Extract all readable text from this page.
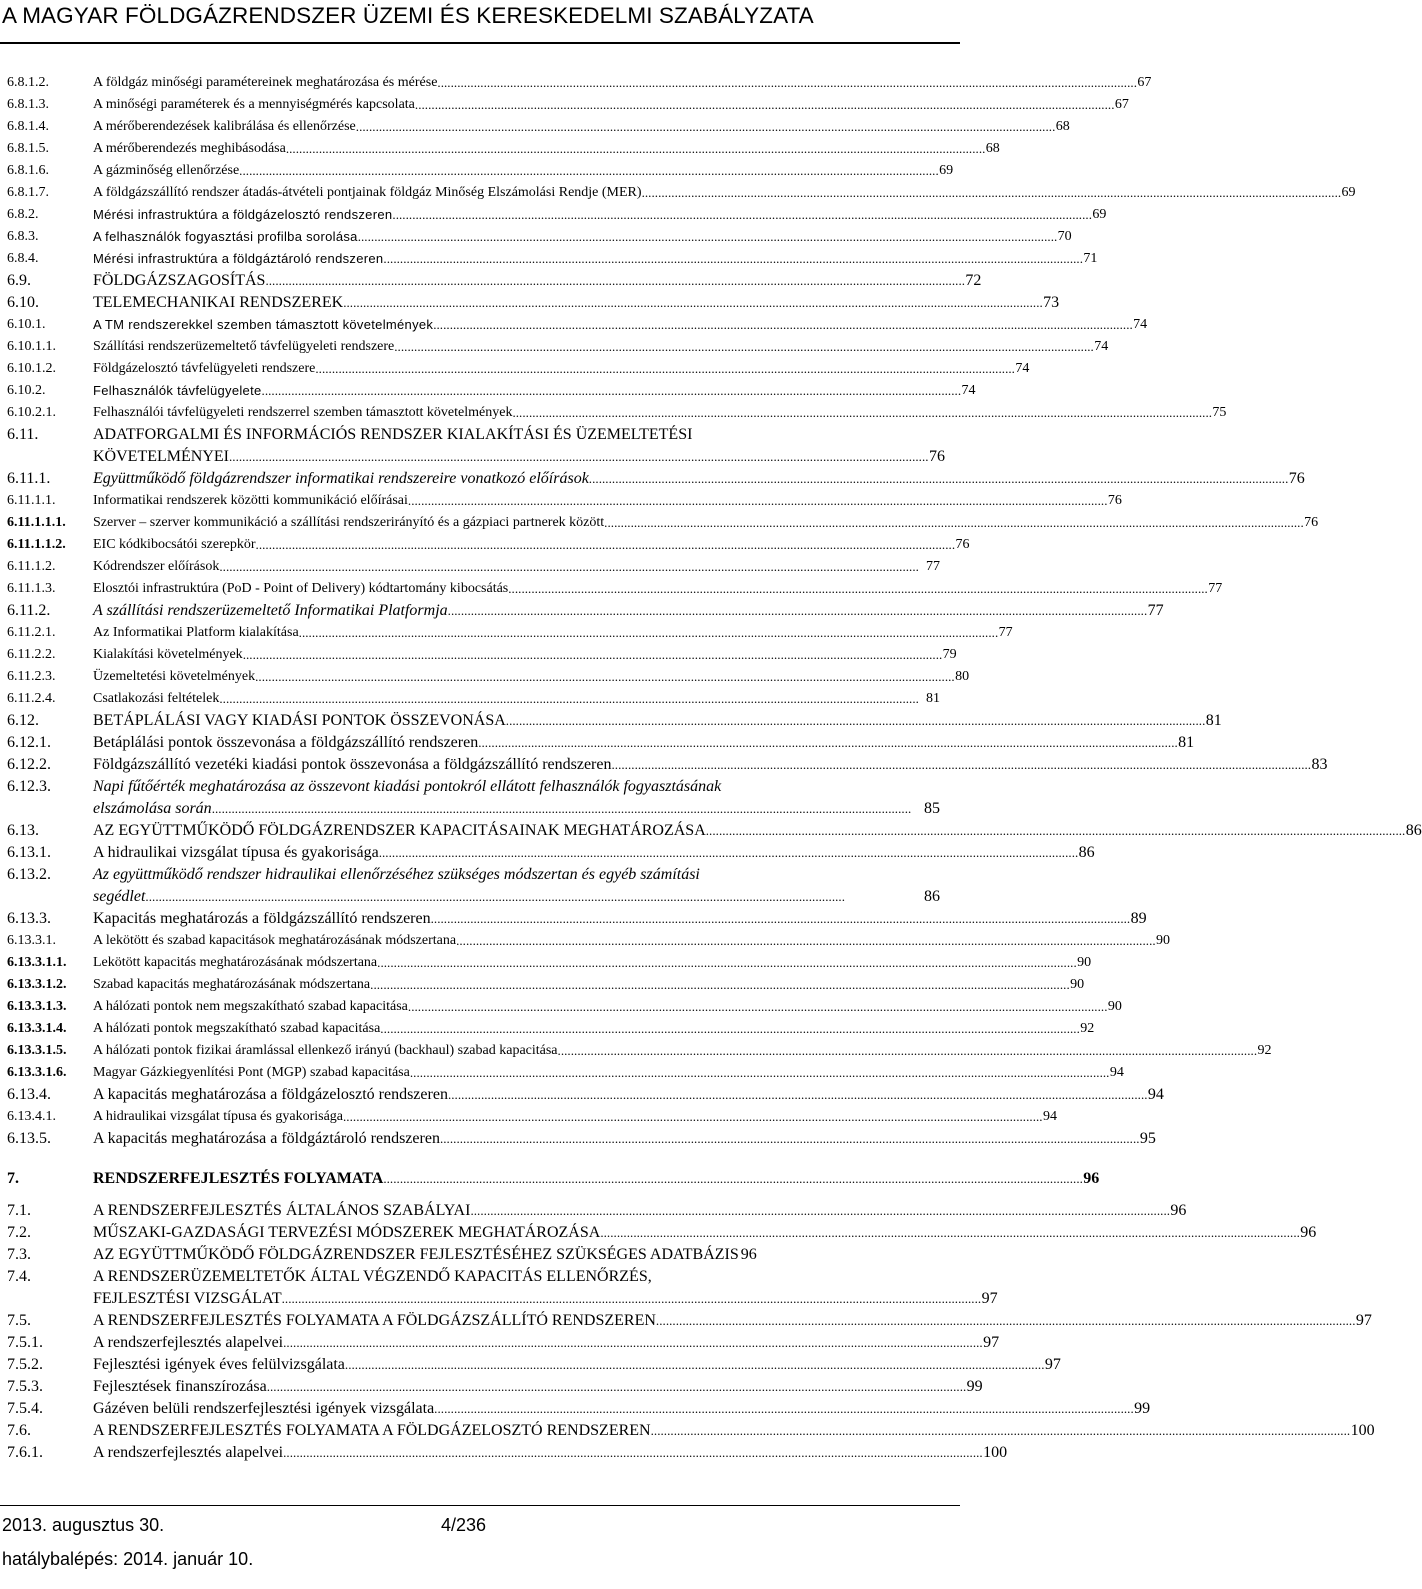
A MAGYAR FÖLDGÁZRENDSZER ÜZEMI ÉS KERESKEDELMI SZABÁLYZATA
6.8.1.2.	A földgáz minőségi paramétereinek meghatározása és mérése . . .	67
6.8.1.3.	A minőségi paraméterek és a mennyiségmérés kapcsolata . . .	67
6.8.1.4.	A mérőberendezések kalibrálása és ellenőrzése . . .	68
6.8.1.5.	A mérőberendezés meghibásodása . . .	68
6.8.1.6.	A gázminőség ellenőrzése . . .	69
6.8.1.7.	A földgázszállító rendszer átadás-átvételi pontjainak földgáz Minőség Elszámolási Rendje (MER) . . .	69
6.8.2.	Mérési infrastruktúra a földgázelosztó rendszeren . . .	69
6.8.3.	A felhasználók fogyasztási profilba sorolása . . .	70
6.8.4.	Mérési infrastruktúra a földgáztároló rendszeren . . .	71
6.9.	FÖLDGÁZSZAGOSÍTÁS . . .	72
6.10.	TELEMECHANIKAI RENDSZEREK . . .	73
6.10.1.	A TM rendszerekkel szemben támasztott követelmények . . .	74
6.10.1.1.	Szállítási rendszerüzemeltető távfelügyeleti rendszere . . .	74
6.10.1.2.	Földgázelosztó távfelügyeleti rendszere . . .	74
6.10.2.	Felhasználók távfelügyelete . . .	74
6.10.2.1.	Felhasználói távfelügyeleti rendszerrel szemben támasztott követelmények . . .	75
6.11.	ADATFORGALMI ÉS INFORMÁCIÓS RENDSZER KIALAKÍTÁSI ÉS ÜZEMELTETÉSI
KÖVETELMÉNYEI . . .	76
6.11.1.	Együttműködő földgázrendszer informatikai rendszereire vonatkozó előírások . . .	76
6.11.1.1.	Informatikai rendszerek közötti kommunikáció előírásai . . .	76
6.11.1.1.1.	Szerver – szerver kommunikáció a szállítási rendszerirányító és a gázpiaci partnerek között . . .	76
6.11.1.1.2.	EIC kódkibocsátói szerepkör . . .	76
6.11.1.2.	Kódrendszer előírások . . .	77
6.11.1.3.	Elosztói infrastruktúra (PoD - Point of Delivery) kódtartomány kibocsátás . . .	77
6.11.2.	A szállítási rendszerüzemeltető Informatikai Platformja . . .	77
6.11.2.1.	Az Informatikai Platform kialakítása . . .	77
6.11.2.2.	Kialakítási követelmények . . .	79
6.11.2.3.	Üzemeltetési követelmények . . .	80
6.11.2.4.	Csatlakozási feltételek . . .	81
6.12.	BETÁPLÁLÁSI VAGY KIADÁSI PONTOK ÖSSZEVONÁSA . . .	81
6.12.1.	Betáplálási pontok összevonása a földgázszállító rendszeren . . .	81
6.12.2.	Földgázszállító vezetéki kiadási pontok összevonása a földgázszállító rendszeren . . .	83
6.12.3.	Napi fűtőérték meghatározása az összevont kiadási pontokról ellátott felhasználók fogyasztásának
elszámolása során . . .	85
6.13.	AZ EGYÜTTMŰKÖDŐ FÖLDGÁZRENDSZER KAPACITÁSAINAK MEGHATÁROZÁSA . . .	86
6.13.1.	A hidraulikai vizsgálat típusa és gyakorisága . . .	86
6.13.2.	Az együttműködő rendszer hidraulikai ellenőrzéséhez szükséges módszertan és egyéb számítási
segédlet . . .	86
6.13.3.	Kapacitás meghatározás a földgázszállító rendszeren . . .	89
6.13.3.1.	A lekötött és szabad kapacitások meghatározásának módszertana . . .	90
6.13.3.1.1.	Lekötött kapacitás meghatározásának módszertana . . .	90
6.13.3.1.2.	Szabad kapacitás meghatározásának módszertana . . .	90
6.13.3.1.3.	A hálózati pontok nem megszakítható szabad kapacitása . . .	90
6.13.3.1.4.	A hálózati pontok megszakítható szabad kapacitása . . .	92
6.13.3.1.5.	A hálózati pontok fizikai áramlással ellenkező irányú (backhaul) szabad kapacitása . . .	92
6.13.3.1.6.	Magyar Gázkiegyenlítési Pont (MGP) szabad kapacitása . . .	94
6.13.4.	A kapacitás meghatározása a földgázelosztó rendszeren . . .	94
6.13.4.1.	A hidraulikai vizsgálat típusa és gyakorisága . . .	94
6.13.5.	A kapacitás meghatározása a földgáztároló rendszeren . . .	95
7.	RENDSZERFEJLESZTÉS FOLYAMATA . . .	96
7.1.	A RENDSZERFEJLESZTÉS ÁLTALÁNOS SZABÁLYAI . . .	96
7.2.	MŰSZAKI-GAZDASÁGI TERVEZÉSI MÓDSZEREK MEGHATÁROZÁSA . . .	96
7.3.	AZ EGYÜTTMŰKÖDŐ FÖLDGÁZRENDSZER FEJLESZTÉSÉHEZ SZÜKSÉGES ADATBÁZIS 96
7.4.	A RENDSZERÜZEMELTETŐK ÁLTAL VÉGZENDŐ KAPACITÁS ELLENŐRZÉS,
FEJLESZTÉSI VIZSGÁLAT . . .	97
7.5.	A RENDSZERFEJLESZTÉS FOLYAMATA A FÖLDGÁZSZÁLLÍTÓ RENDSZEREN . . .	97
7.5.1.	A rendszerfejlesztés alapelvei . . .	97
7.5.2.	Fejlesztési igények éves felülvizsgálata . . .	97
7.5.3.	Fejlesztések finanszírozása . . .	99
7.5.4.	Gázéven belüli rendszerfejlesztési igények vizsgálata . . .	99
7.6.	A RENDSZERFEJLESZTÉS FOLYAMATA A FÖLDGÁZELOSZTÓ RENDSZEREN . . .	100
7.6.1.	A rendszerfejlesztés alapelvei . . .	100
2013. augusztus 30.	4/236
hatálybalépés: 2014. január 10.
